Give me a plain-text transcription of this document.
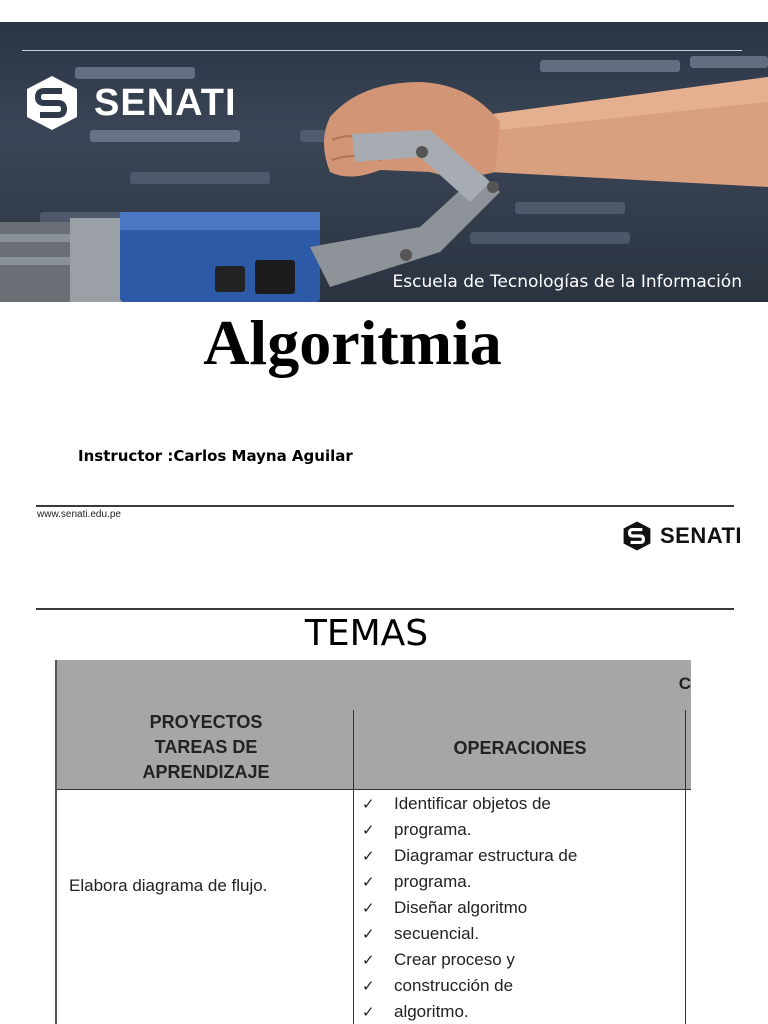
SENATI
Escuela de Tecnologías de la Información
Algoritmia
Instructor :Carlos Mayna Aguilar
www.senati.edu.pe
SENATI
TEMAS
C
PROYECTOS
TAREAS DE
APRENDIZAJE
OPERACIONES
Elabora diagrama de flujo.
✓ Identificar objetos de
✓ programa.
✓ Diagramar estructura de
✓ programa.
✓ Diseñar algoritmo
✓ secuencial.
✓ Crear proceso y
✓ construcción de
✓ algoritmo.
